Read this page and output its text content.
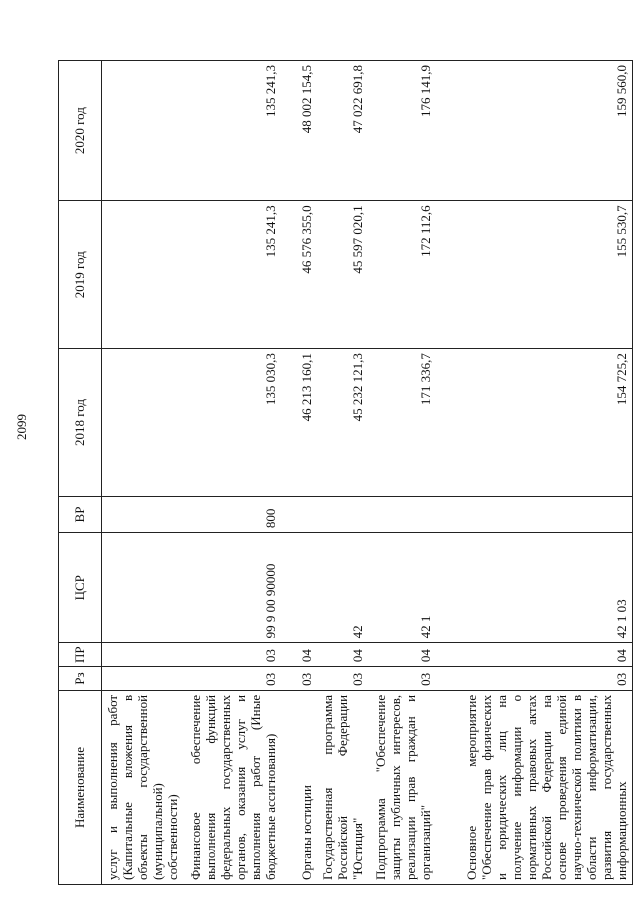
2099
Наименование	Рз	ПР	ЦСР	ВР	2018 год	2019 год	2020 год
услуг и выполнения работ (Капитальные вложения в объекты государственной (муниципальной) собственности)							
Финансовое обеспечение выполнения функций федеральных государственных органов, оказания услуг и выполнения работ (Иные бюджетные ассигнования)	03	03	99 9 00 90000	800	135 030,3	135 241,3	135 241,3
Органы юстиции	03	04			46 213 160,1	46 576 355,0	48 002 154,5
Государственная программа Российской Федерации "Юстиция"	03	04	42		45 232 121,3	45 597 020,1	47 022 691,8
Подпрограмма "Обеспечение защиты публичных интересов, реализации прав граждан и организаций"	03	04	42 1		171 336,7	172 112,6	176 141,9
Основное мероприятие "Обеспечение прав физических и юридических лиц на получение информации о нормативных правовых актах Российской Федерации на основе проведения единой научно-технической политики в области информатизации, развития государственных информационных	03	04	42 1 03		154 725,2	155 530,7	159 560,0
